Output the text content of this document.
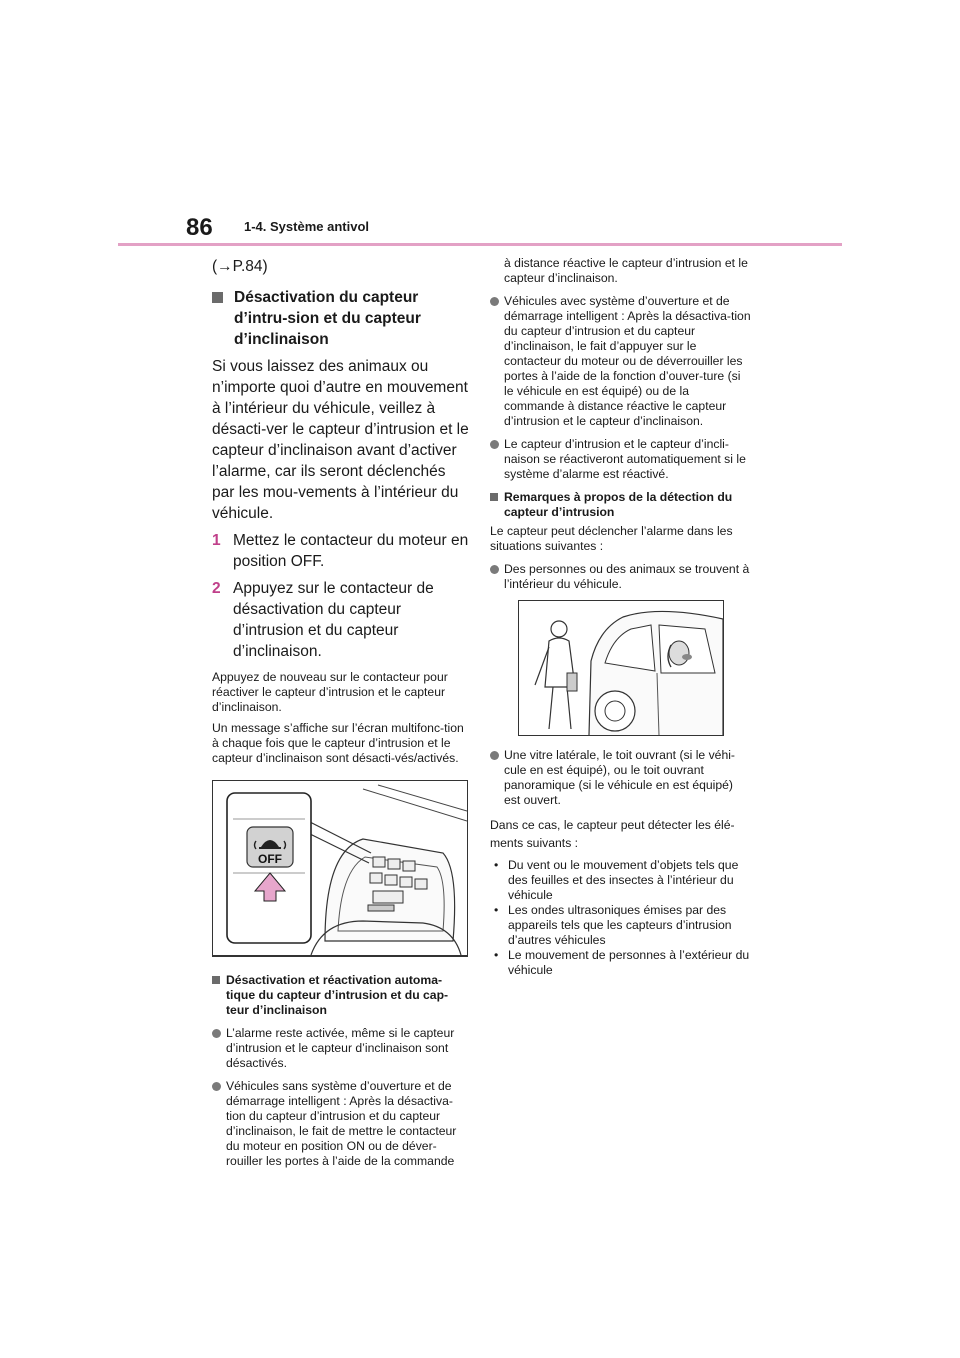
86 1-4. Système antivol
(→P.84)
Désactivation du capteur d’intru-sion et du capteur d’inclinaison
Si vous laissez des animaux ou n’importe quoi d’autre en mouvement à l’intérieur du véhicule, veillez à désacti-ver le capteur d’intrusion et le capteur d’inclinaison avant d’activer l’alarme, car ils seront déclenchés par les mou-vements à l’intérieur du véhicule.
1 Mettez le contacteur du moteur en position OFF.
2 Appuyez sur le contacteur de désactivation du capteur d’intrusion et du capteur d’inclinaison.
Appuyez de nouveau sur le contacteur pour réactiver le capteur d’intrusion et le capteur d’inclinaison.
Un message s’affiche sur l’écran multifonc-tion à chaque fois que le capteur d’intrusion et le capteur d’inclinaison sont désacti-vés/activés.
OFF
Désactivation et réactivation automa-tique du capteur d’intrusion et du cap-teur d’inclinaison
L’alarme reste activée, même si le capteur d’intrusion et le capteur d’inclinaison sont désactivés.
Véhicules sans système d’ouverture et de démarrage intelligent : Après la désactiva-tion du capteur d’intrusion et du capteur d’inclinaison, le fait de mettre le contacteur du moteur en position ON ou de déver-rouiller les portes à l’aide de la commande
à distance réactive le capteur d’intrusion et le capteur d’inclinaison.
Véhicules avec système d’ouverture et de démarrage intelligent : Après la désactiva-tion du capteur d’intrusion et du capteur d’inclinaison, le fait d’appuyer sur le contacteur du moteur ou de déverrouiller les portes à l’aide de la fonction d’ouver-ture (si le véhicule en est équipé) ou de la commande à distance réactive le capteur d’intrusion et le capteur d’inclinaison.
Le capteur d’intrusion et le capteur d’incli-naison se réactiveront automatiquement si le système d’alarme est réactivé.
Remarques à propos de la détection du capteur d’intrusion
Le capteur peut déclencher l’alarme dans les situations suivantes :
Des personnes ou des animaux se trouvent à l’intérieur du véhicule.
Une vitre latérale, le toit ouvrant (si le véhi-cule en est équipé), ou le toit ouvrant panoramique (si le véhicule en est équipé) est ouvert.
Dans ce cas, le capteur peut détecter les élé-ments suivants :
• Du vent ou le mouvement d’objets tels que des feuilles et des insectes à l’intérieur du véhicule
• Les ondes ultrasoniques émises par des appareils tels que les capteurs d’intrusion d’autres véhicules
• Le mouvement de personnes à l’extérieur du véhicule
